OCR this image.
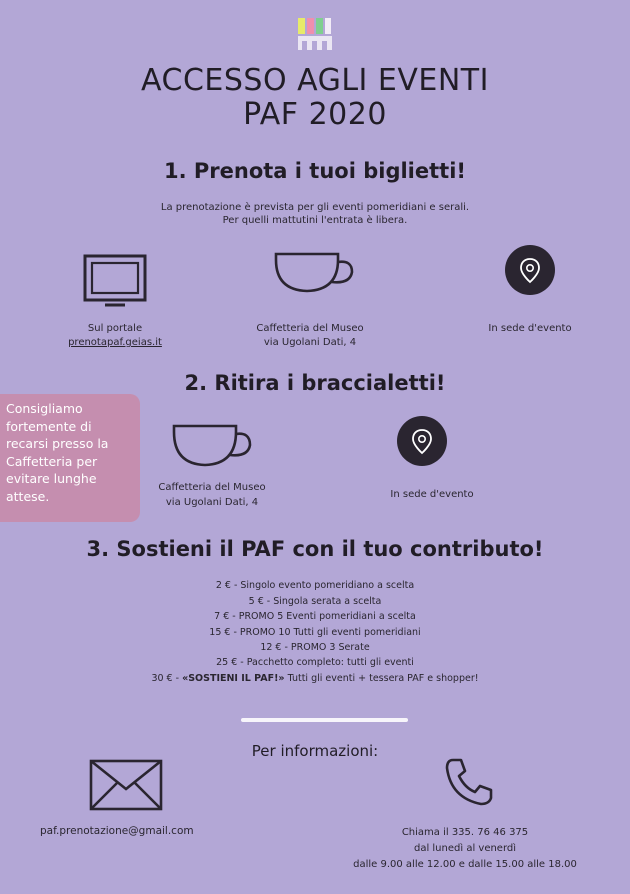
ACCESSO AGLI EVENTI
PAF 2020
1. Prenota i tuoi biglietti!
La prenotazione è prevista per gli eventi pomeridiani e serali.
Per quelli mattutini l'entrata è libera.
Sul portale
prenotapaf.geias.it
Caffetteria del Museo
via Ugolani Dati, 4
In sede d'evento
2. Ritira i braccialetti!
Consigliamo
fortemente di
recarsi presso la
Caffetteria per
evitare lunghe
attese.
Caffetteria del Museo
via Ugolani Dati, 4
In sede d'evento
3. Sostieni il PAF con il tuo contributo!
2 € - Singolo evento pomeridiano a scelta
5 € - Singola serata a scelta
7 € - PROMO 5 Eventi pomeridiani a scelta
15 € - PROMO 10 Tutti gli eventi pomeridiani
12 € - PROMO 3 Serate
25 € - Pacchetto completo: tutti gli eventi
30 € - «SOSTIENI IL PAF!» Tutti gli eventi + tessera PAF e shopper!
Per informazioni:
paf.prenotazione@gmail.com	Chiama il 335. 76 46 375
dal lunedì al venerdì
dalle 9.00 alle 12.00 e dalle 15.00 alle 18.00
